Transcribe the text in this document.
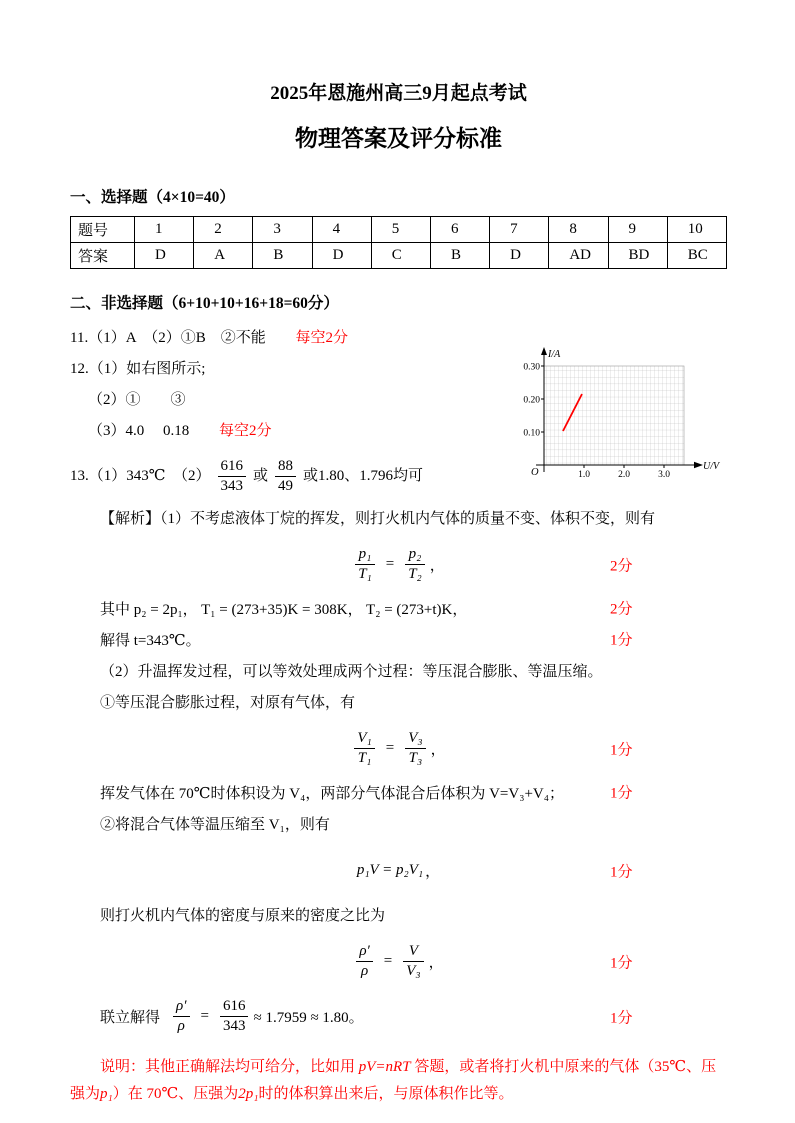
2025年恩施州高三9月起点考试
物理答案及评分标准

一、选择题（4×10=40）

题号	1	2	3	4	5	6	7	8	9	10
答案	D	A	B	D	C	B	D	AD	BD	BC

二、非选择题（6+10+10+16+18=60分）

11.（1）A　（2）①B　②不能 每空2分

12.（1）如右图所示;

（2）①　　③

（3）4.0　 0.18 每空2分

13.（1）343℃　$(2) \frac{616}{343}$ 或 $\frac{88}{49}$ 或1.80、1.796均可

【解析】（1）不考虑液体丁烷的挥发，则打火机内气体的质量不变、体积不变，则有

$\frac{\text{p₁}}{\text{T₁}} = \frac{\text{p₂}}{\text{T₂}}$ ，	2分

其中 p₂ = 2p₁， T₁ = (273+35)K = 308K， T₂ = (273+t)K，	2分

解得 t=343℃。	1分

（2）升温挥发过程，可以等效处理成两个过程：等压混合膨胀、等温压缩。

①等压混合膨胀过程，对原有气体，有

$\frac{\text{V₁}}{\text{T₁}} = \frac{\text{V₃}}{\text{T₃}}$ ，	1分

挥发气体在 70℃时体积设为 V₄，两部分气体混合后体积为 V=V₃+V₄；	1分

②将混合气体等温压缩至 V₁，则有

p₁V = p₂V₁ ，	1分

则打火机内气体的密度与原来的密度之比为

$\frac{\rho'}{\rho} = \frac{V}{\text{V₃}}$ ，	1分
联立解得 $\frac{\rho'}{\rho} = \frac{616}{343} \approx 1.7959 \approx 1.80$。	1分

说明：其他正确解法均可给分，比如用 pV=nRT 答题，或者将打火机中原来的气体（35℃、压强为p₁）在 70℃、压强为2p₁时的体积算出来后，与原体积作比等。

I/A
U/V
O
0.30
0.20
0.10
1.0	2.0	3.0
